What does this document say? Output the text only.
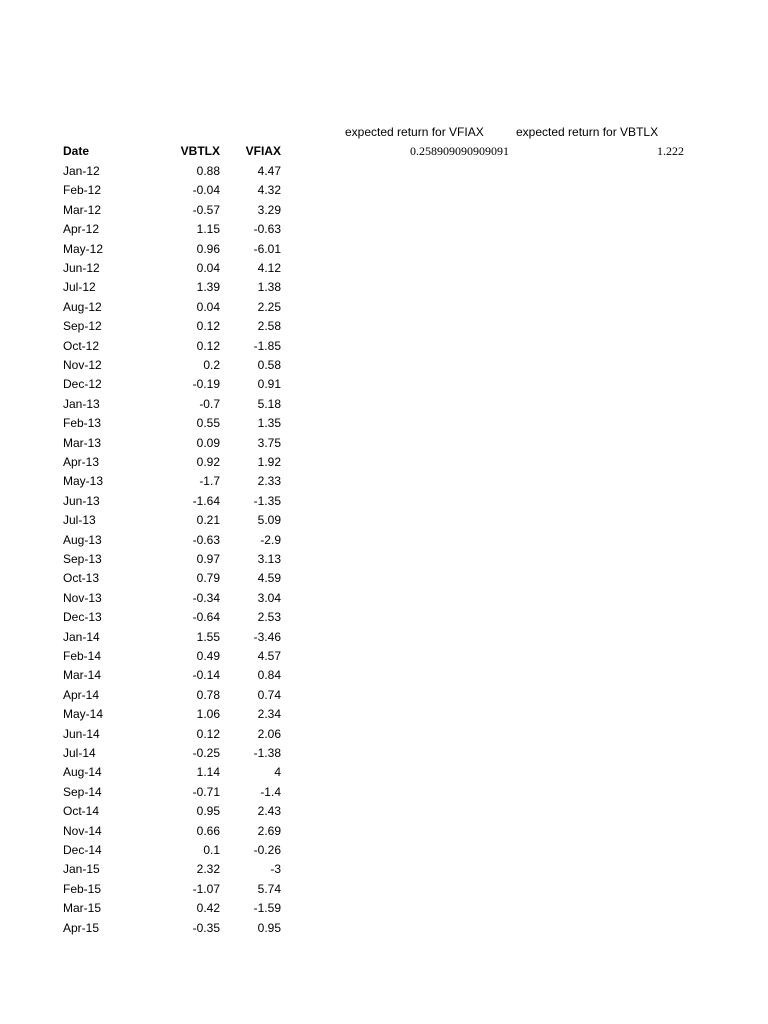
expected return for VFIAX	expected return for VBTLX
Date	VBTLX	VFIAX	0.258909090909091	1.222
Jan-12	0.88	4.47
Feb-12	-0.04	4.32
Mar-12	-0.57	3.29
Apr-12	1.15	-0.63
May-12	0.96	-6.01
Jun-12	0.04	4.12
Jul-12	1.39	1.38
Aug-12	0.04	2.25
Sep-12	0.12	2.58
Oct-12	0.12	-1.85
Nov-12	0.2	0.58
Dec-12	-0.19	0.91
Jan-13	-0.7	5.18
Feb-13	0.55	1.35
Mar-13	0.09	3.75
Apr-13	0.92	1.92
May-13	-1.7	2.33
Jun-13	-1.64	-1.35
Jul-13	0.21	5.09
Aug-13	-0.63	-2.9
Sep-13	0.97	3.13
Oct-13	0.79	4.59
Nov-13	-0.34	3.04
Dec-13	-0.64	2.53
Jan-14	1.55	-3.46
Feb-14	0.49	4.57
Mar-14	-0.14	0.84
Apr-14	0.78	0.74
May-14	1.06	2.34
Jun-14	0.12	2.06
Jul-14	-0.25	-1.38
Aug-14	1.14	4
Sep-14	-0.71	-1.4
Oct-14	0.95	2.43
Nov-14	0.66	2.69
Dec-14	0.1	-0.26
Jan-15	2.32	-3
Feb-15	-1.07	5.74
Mar-15	0.42	-1.59
Apr-15	-0.35	0.95
